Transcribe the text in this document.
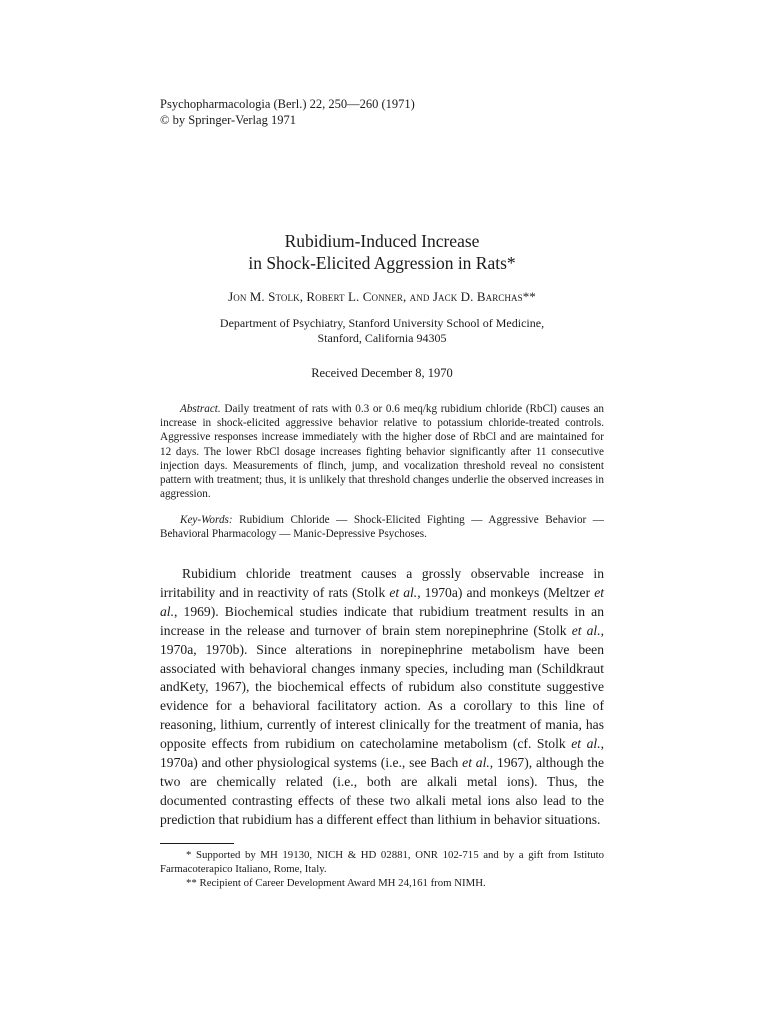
Psychopharmacologia (Berl.) 22, 250—260 (1971)

© by Springer-Verlag 1971

Rubidium-Induced Increase

in Shock-Elicited Aggression in Rats*

Jon M. Stolk, Robert L. Conner, and Jack D. Barchas**
Department of Psychiatry, Stanford University School of Medicine,
Stanford, California 94305
Received December 8, 1970

Abstract. Daily treatment of rats with 0.3 or 0.6 meq/kg rubidium chloride (RbCl) causes an increase in shock-elicited aggressive behavior relative to potassium chloride-treated controls. Aggressive responses increase immediately with the higher dose of RbCl and are maintained for 12 days. The lower RbCl dosage increases fighting behavior significantly after 11 consecutive injection days. Measurements of flinch, jump, and vocalization threshold reveal no consistent pattern with treatment; thus, it is unlikely that threshold changes underlie the observed increases in aggression.

Key-Words: Rubidium Chloride — Shock-Elicited Fighting — Aggressive Behavior — Behavioral Pharmacology — Manic-Depressive Psychoses.

Rubidium chloride treatment causes a grossly observable increase in irritability and in reactivity of rats (Stolk et al., 1970a) and monkeys (Meltzer et al., 1969). Biochemical studies indicate that rubidium treatment results in an increase in the release and turnover of brain stem norepinephrine (Stolk et al., 1970a, 1970b). Since alterations in norepinephrine metabolism have been associated with behavioral changes inmany species, including man (Schildkraut andKety, 1967), the biochemical effects of rubidum also constitute suggestive evidence for a behavioral facilitatory action. As a corollary to this line of reasoning, lithium, currently of interest clinically for the treatment of mania, has opposite effects from rubidium on catecholamine metabolism (cf. Stolk et al., 1970a) and other physiological systems (i.e., see Bach et al., 1967), although the two are chemically related (i.e., both are alkali metal ions). Thus, the documented contrasting effects of these two alkali metal ions also lead to the prediction that rubidium has a different effect than lithium in behavior situations.

* Supported by MH 19130, NICH & HD 02881, ONR 102-715 and by a gift from Istituto Farmacoterapico Italiano, Rome, Italy.

** Recipient of Career Development Award MH 24,161 from NIMH.
